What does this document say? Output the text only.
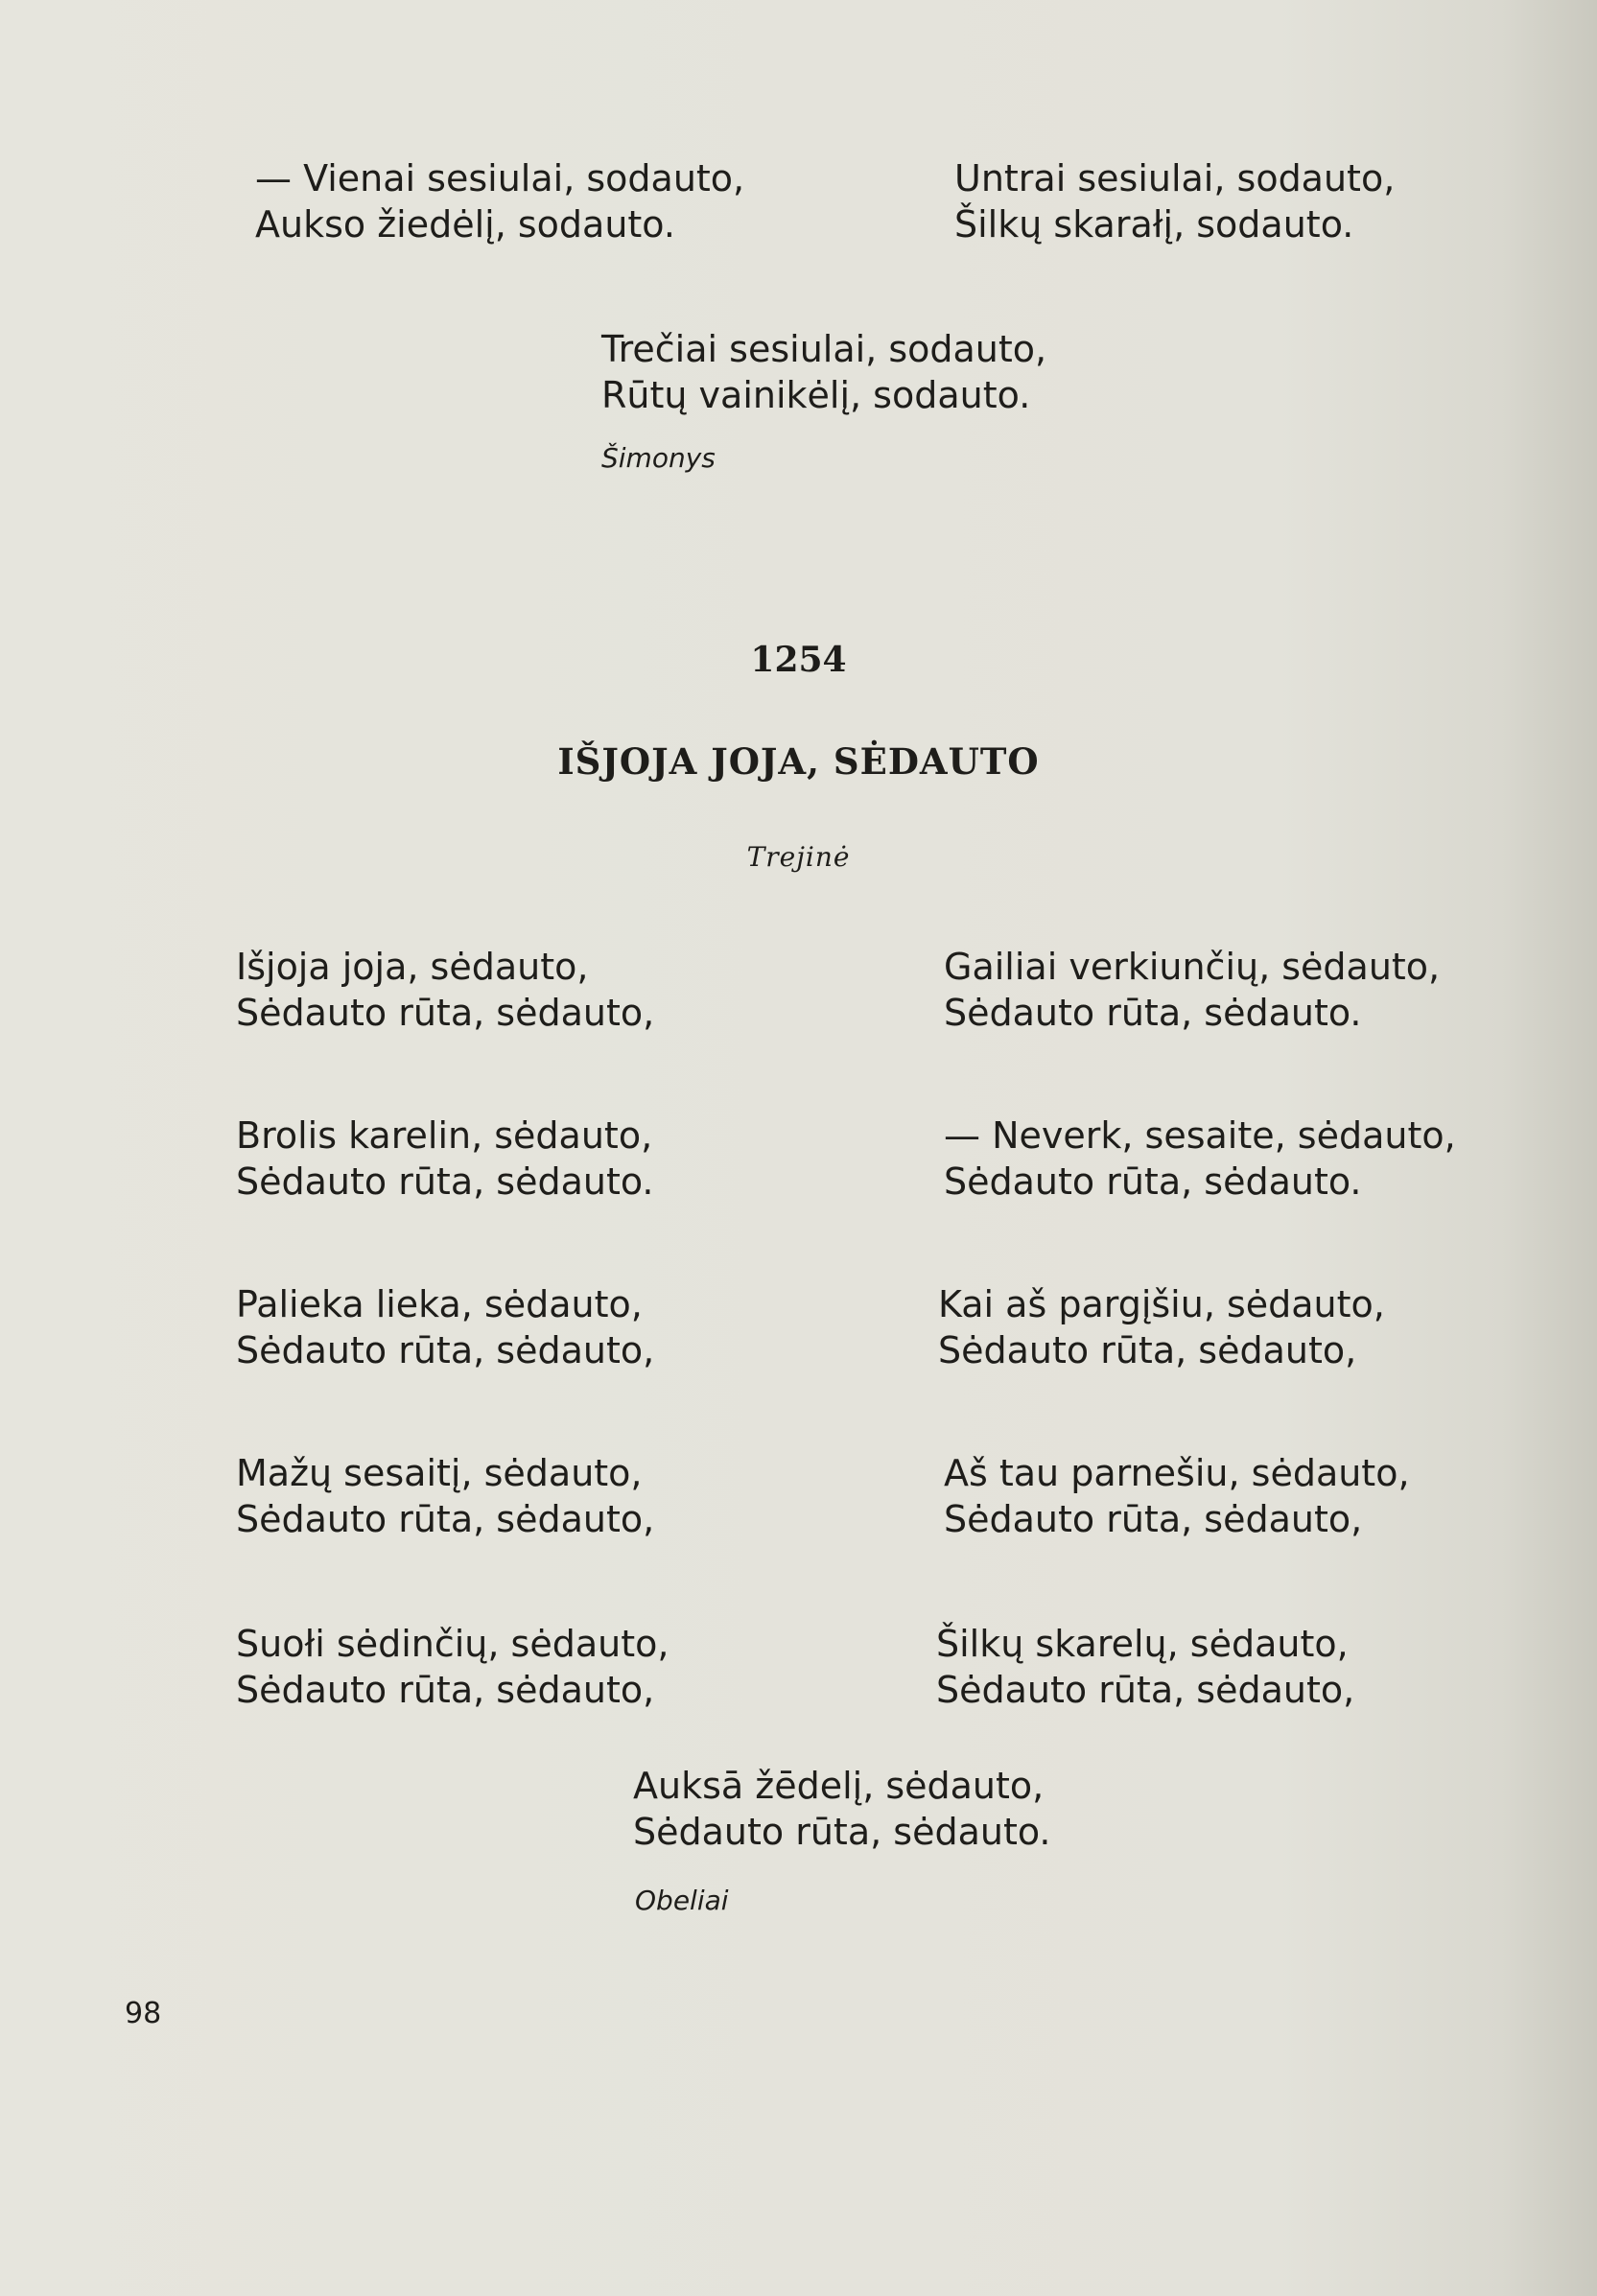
— Vienai sesiulai, sodauto,
Aukso žiedėlį, sodauto.
Untrai sesiulai, sodauto,
Šilkų skarałį, sodauto.
Trečiai sesiulai, sodauto,
Rūtų vainikėlį, sodauto.
Šimonys
1254
IŠJOJA JOJA, SĖDAUTO
Trejinė
Išjoja joja, sėdauto,
Sėdauto rūta, sėdauto,
Brolis karelin, sėdauto,
Sėdauto rūta, sėdauto.
Palieka lieka, sėdauto,
Sėdauto rūta, sėdauto,
Mažų sesaitį, sėdauto,
Sėdauto rūta, sėdauto,
Suołi sėdinčių, sėdauto,
Sėdauto rūta, sėdauto,
Gailiai verkiunčių, sėdauto,
Sėdauto rūta, sėdauto.
— Neverk, sesaite, sėdauto,
Sėdauto rūta, sėdauto.
Kai aš pargįšiu, sėdauto,
Sėdauto rūta, sėdauto,
Aš tau parnešiu, sėdauto,
Sėdauto rūta, sėdauto,
Šilkų skarelų, sėdauto,
Sėdauto rūta, sėdauto,
Auksā žēdelį, sėdauto,
Sėdauto rūta, sėdauto.
Obeliai
98
